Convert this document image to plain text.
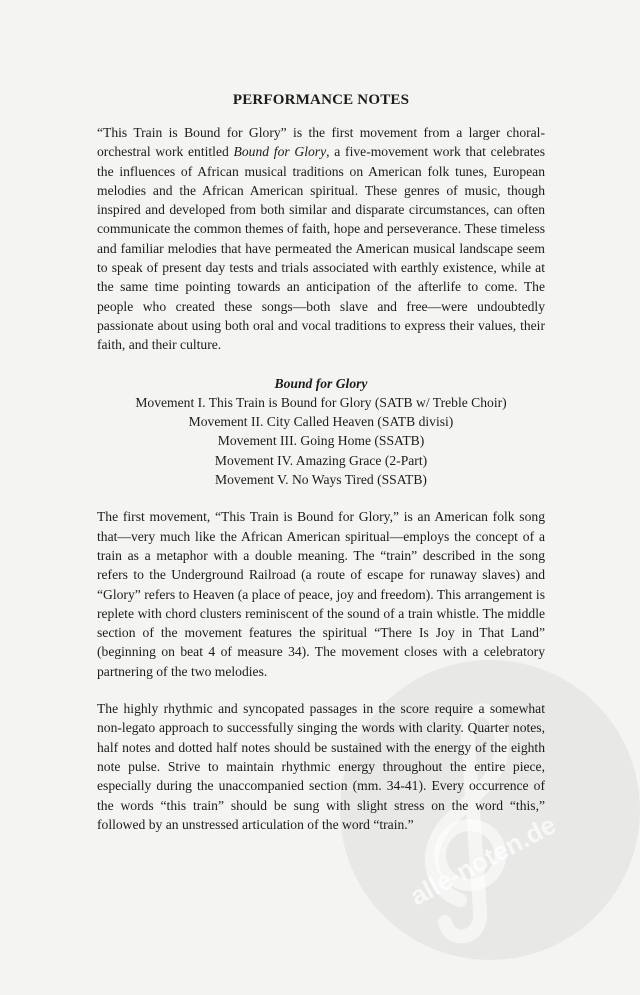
alle-noten.de
PERFORMANCE NOTES

“This Train is Bound for Glory” is the first movement from a larger choral-orchestral work entitled Bound for Glory, a five-movement work that celebrates the influences of African musical traditions on American folk tunes, European melodies and the African American spiritual. These genres of music, though inspired and developed from both similar and disparate circumstances, can often communicate the common themes of faith, hope and perseverance. These timeless and familiar melodies that have permeated the American musical landscape seem to speak of present day tests and trials associated with earthly existence, while at the same time pointing towards an anticipation of the afterlife to come. The people who created these songs—both slave and free—were undoubtedly passionate about using both oral and vocal traditions to express their values, their faith, and their culture.

Bound for Glory
Movement I. This Train is Bound for Glory (SATB w/ Treble Choir)
Movement II. City Called Heaven (SATB divisi)
Movement III. Going Home (SSATB)
Movement IV. Amazing Grace (2-Part)
Movement V. No Ways Tired (SSATB)

The first movement, “This Train is Bound for Glory,” is an American folk song that—very much like the African American spiritual—employs the concept of a train as a metaphor with a double meaning. The “train” described in the song refers to the Underground Railroad (a route of escape for runaway slaves) and “Glory” refers to Heaven (a place of peace, joy and freedom). This arrangement is replete with chord clusters reminiscent of the sound of a train whistle. The middle section of the movement features the spiritual “There Is Joy in That Land” (beginning on beat 4 of measure 34). The movement closes with a celebratory partnering of the two melodies.

The highly rhythmic and syncopated passages in the score require a somewhat non-legato approach to successfully singing the words with clarity. Quarter notes, half notes and dotted half notes should be sustained with the energy of the eighth note pulse. Strive to maintain rhythmic energy throughout the entire piece, especially during the unaccompanied section (mm. 34-41). Every occurrence of the words “this train” should be sung with slight stress on the word “this,” followed by an unstressed articulation of the word “train.”
